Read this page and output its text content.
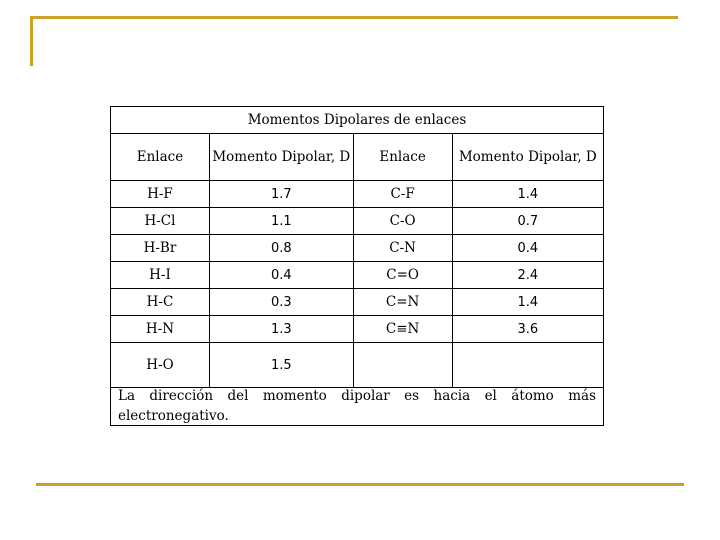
Momentos Dipolares de enlaces			
Enlace	Momento Dipolar, D	Enlace	Momento Dipolar, D
H-F	1.7	C-F	1.4
H-Cl	1.1	C-O	0.7
H-Br	0.8	C-N	0.4
H-I	0.4	C=O	2.4
H-C	0.3	C=N	1.4
H-N	1.3	C≡N	3.6
H-O	1.5		
La dirección del momento dipolar es hacia el átomo más
electronegativo.
